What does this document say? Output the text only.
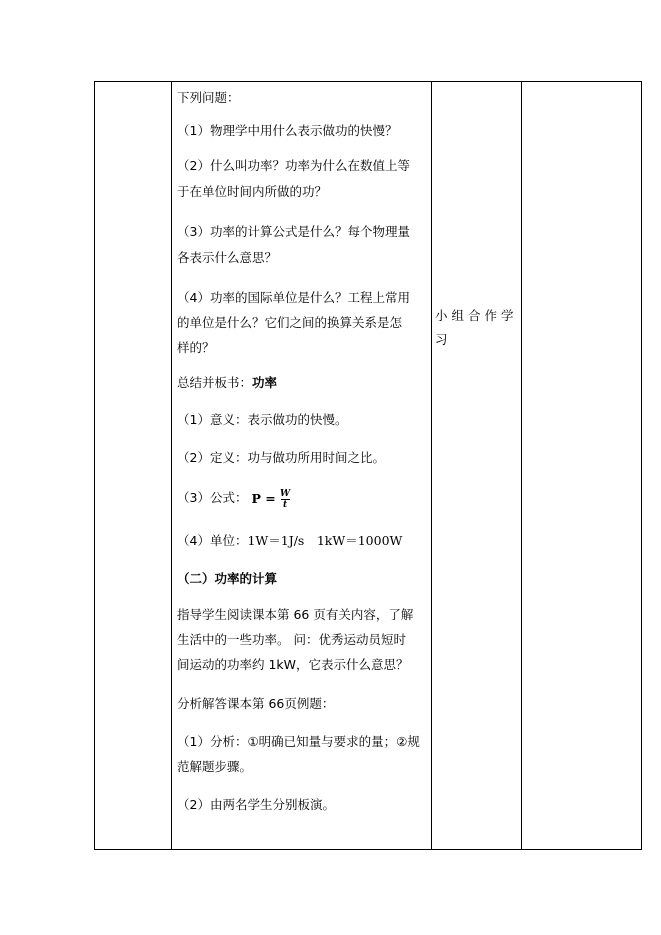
下列问题：
（1）物理学中用什么表示做功的快慢？
（2）什么叫功率？功率为什么在数值上等
于在单位时间内所做的功？
（3）功率的计算公式是什么？每个物理量
各表示什么意思？
（4）功率的国际单位是什么？工程上常用
的单位是什么？它们之间的换算关系是怎
样的？
总结并板书：功率
（1）意义：表示做功的快慢。
（2）定义：功与做功所用时间之比。
（3）公式： $P = \frac{W}{t}$
（4）单位：1W＝1J/s　1kW＝1000W
（二）功率的计算
指导学生阅读课本第 66 页有关内容，了解
生活中的一些功率。 问：优秀运动员短时
间运动的功率约 1kW，它表示什么意思？
分析解答课本第 66页例题：
（1）分析：①明确已知量与要求的量；②规
范解题步骤。
（2）由两名学生分别板演。
小组合作学
习
